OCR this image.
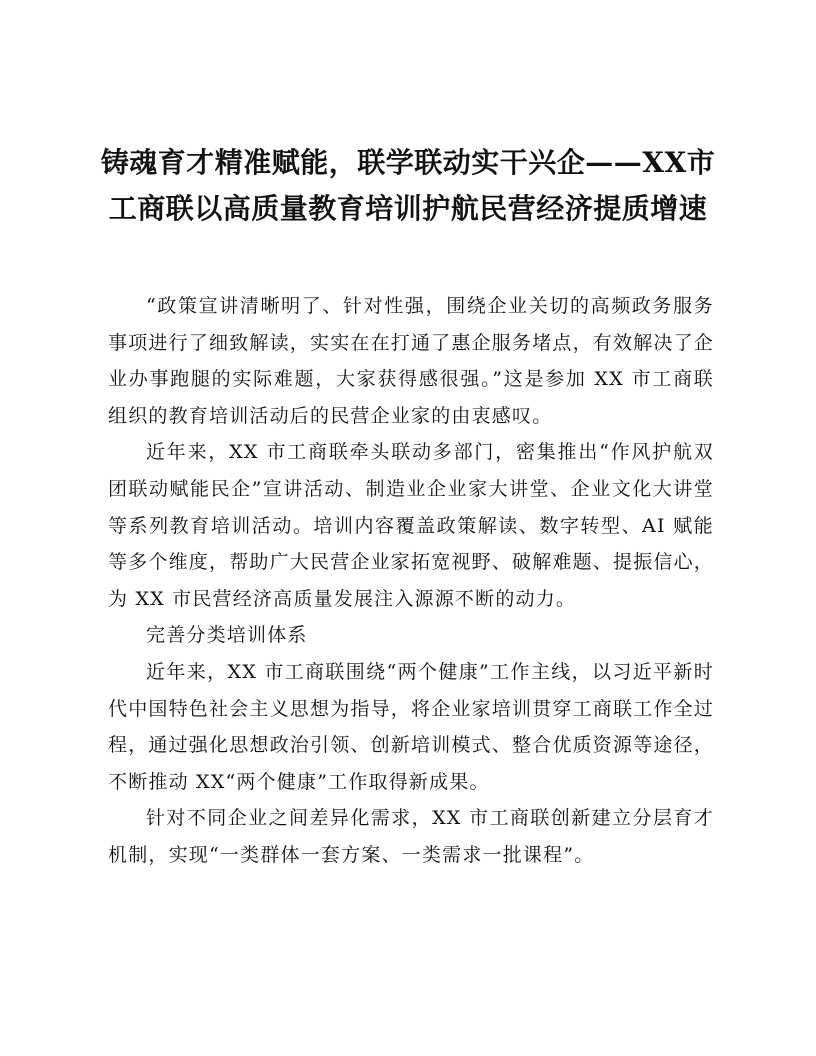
铸魂育才精准赋能，联学联动实干兴企——XX市工商联以高质量教育培训护航民营经济提质增速

“政策宣讲清晰明了、针对性强，围绕企业关切的高频政务服务事项进行了细致解读，实实在在打通了惠企服务堵点，有效解决了企业办事跑腿的实际难题，大家获得感很强。”这是参加 XX 市工商联组织的教育培训活动后的民营企业家的由衷感叹。

近年来，XX 市工商联牵头联动多部门，密集推出“作风护航双团联动赋能民企”宣讲活动、制造业企业家大讲堂、企业文化大讲堂等系列教育培训活动。培训内容覆盖政策解读、数字转型、AI 赋能等多个维度，帮助广大民营企业家拓宽视野、破解难题、提振信心，为 XX 市民营经济高质量发展注入源源不断的动力。

完善分类培训体系

近年来，XX 市工商联围绕“两个健康”工作主线，以习近平新时代中国特色社会主义思想为指导，将企业家培训贯穿工商联工作全过程，通过强化思想政治引领、创新培训模式、整合优质资源等途径，不断推动 XX“两个健康”工作取得新成果。

针对不同企业之间差异化需求，XX 市工商联创新建立分层育才机制，实现“一类群体一套方案、一类需求一批课程”。
